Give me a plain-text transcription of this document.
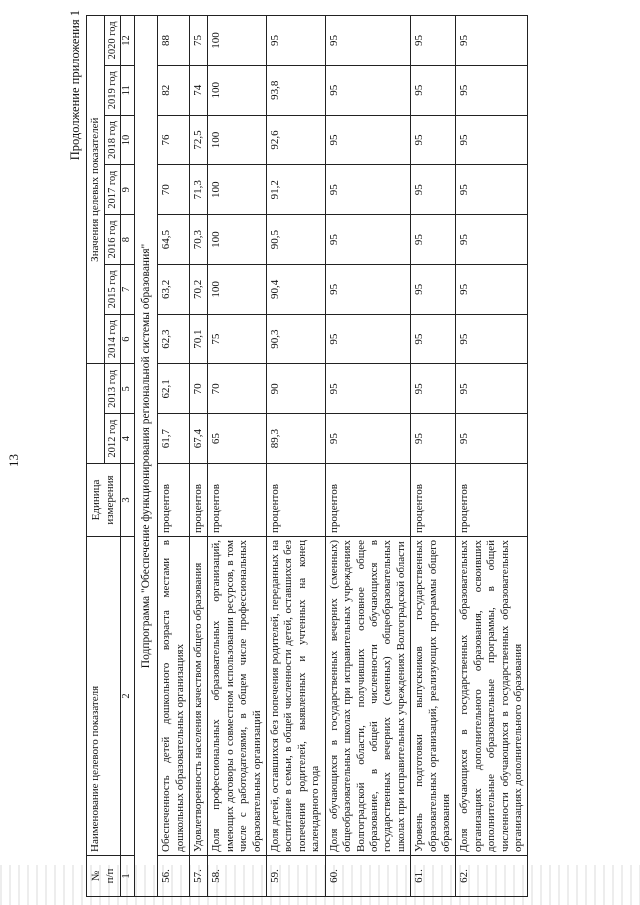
13
Продолжение приложения 1
№
п/п	Наименование целевого показателя	Единица измерения			Значения целевых показателей						
			2012 год	2013 год	2014 год	2015 год	2016 год	2017 год	2018 год	2019 год	2020 год
1	2	3	4	5	6	7	8	9	10	11	12
Подпрограмма "Обеспечение функционирования региональной системы образования"											
56.	Обеспеченность детей дошкольного возраста местами в дошкольных образовательных организациях	процентов	61,7	62,1	62,3	63,2	64,5	70	76	82	88
57.	Удовлетворенность населения качеством общего образования	процентов	67,4	70	70,1	70,2	70,3	71,3	72,5	74	75
58.	Доля профессиональных образовательных организаций, имеющих договоры о совместном использовании ресурсов, в том числе с работодателями, в общем числе профессиональных образовательных организаций	процентов	65	70	75	100	100	100	100	100	100
59.	Доля детей, оставшихся без попечения родителей, переданных на воспитание в семьи, в общей численности детей, оставшихся без попечения родителей, выявленных и учтенных на конец календарного года	процентов	89,3	90	90,3	90,4	90,5	91,2	92,6	93,8	95
60.	Доля обучающихся в государственных вечерних (сменных) общеобразовательных школах при исправительных учреждениях Волгоградской области, получивших основное общее образование, в общей численности обучающихся в государственных вечерних (сменных) общеобразовательных школах при исправительных учреждениях Волгоградской области	процентов	95	95	95	95	95	95	95	95	95
61.	Уровень подготовки выпускников государственных образовательных организаций, реализующих программы общего образования	процентов	95	95	95	95	95	95	95	95	95
62.	Доля обучающихся в государственных образовательных организациях дополнительного образования, освоивших дополнительные образовательные программы, в общей численности обучающихся в государственных образовательных организациях дополнительного образования	процентов	95	95	95	95	95	95	95	95	95
